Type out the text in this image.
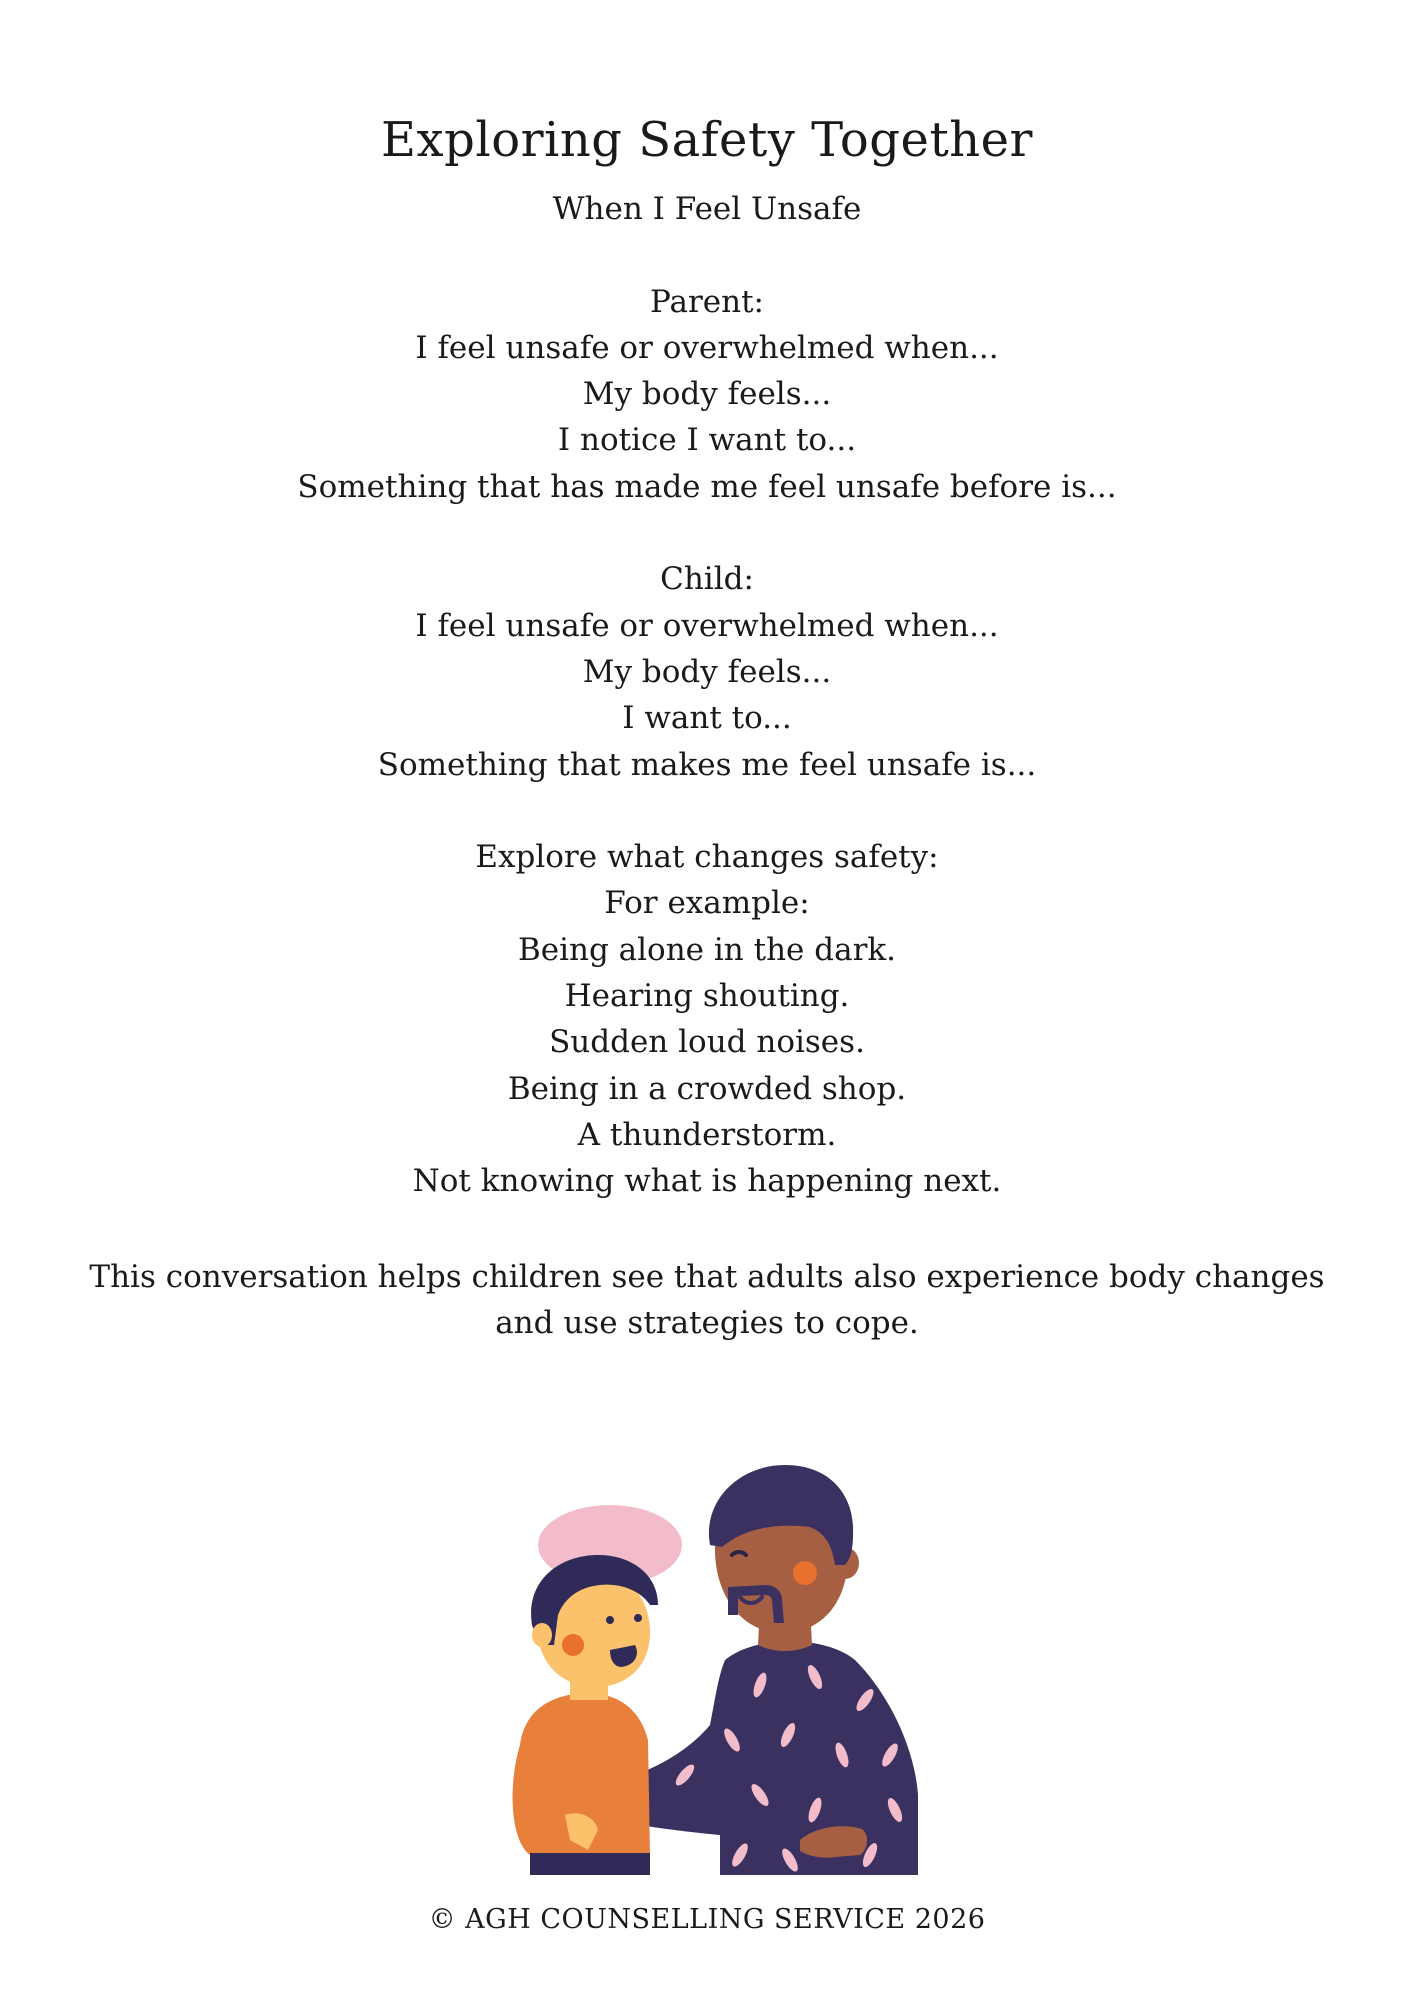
Exploring Safety Together
When I Feel Unsafe
Parent:
I feel unsafe or overwhelmed when...
My body feels...
I notice I want to...
Something that has made me feel unsafe before is...
Child:
I feel unsafe or overwhelmed when...
My body feels...
I want to...
Something that makes me feel unsafe is...
Explore what changes safety:
For example:
Being alone in the dark.
Hearing shouting.
Sudden loud noises.
Being in a crowded shop.
A thunderstorm.
Not knowing what is happening next.
This conversation helps children see that adults also experience body changes
and use strategies to cope.
© AGH COUNSELLING SERVICE 2026
